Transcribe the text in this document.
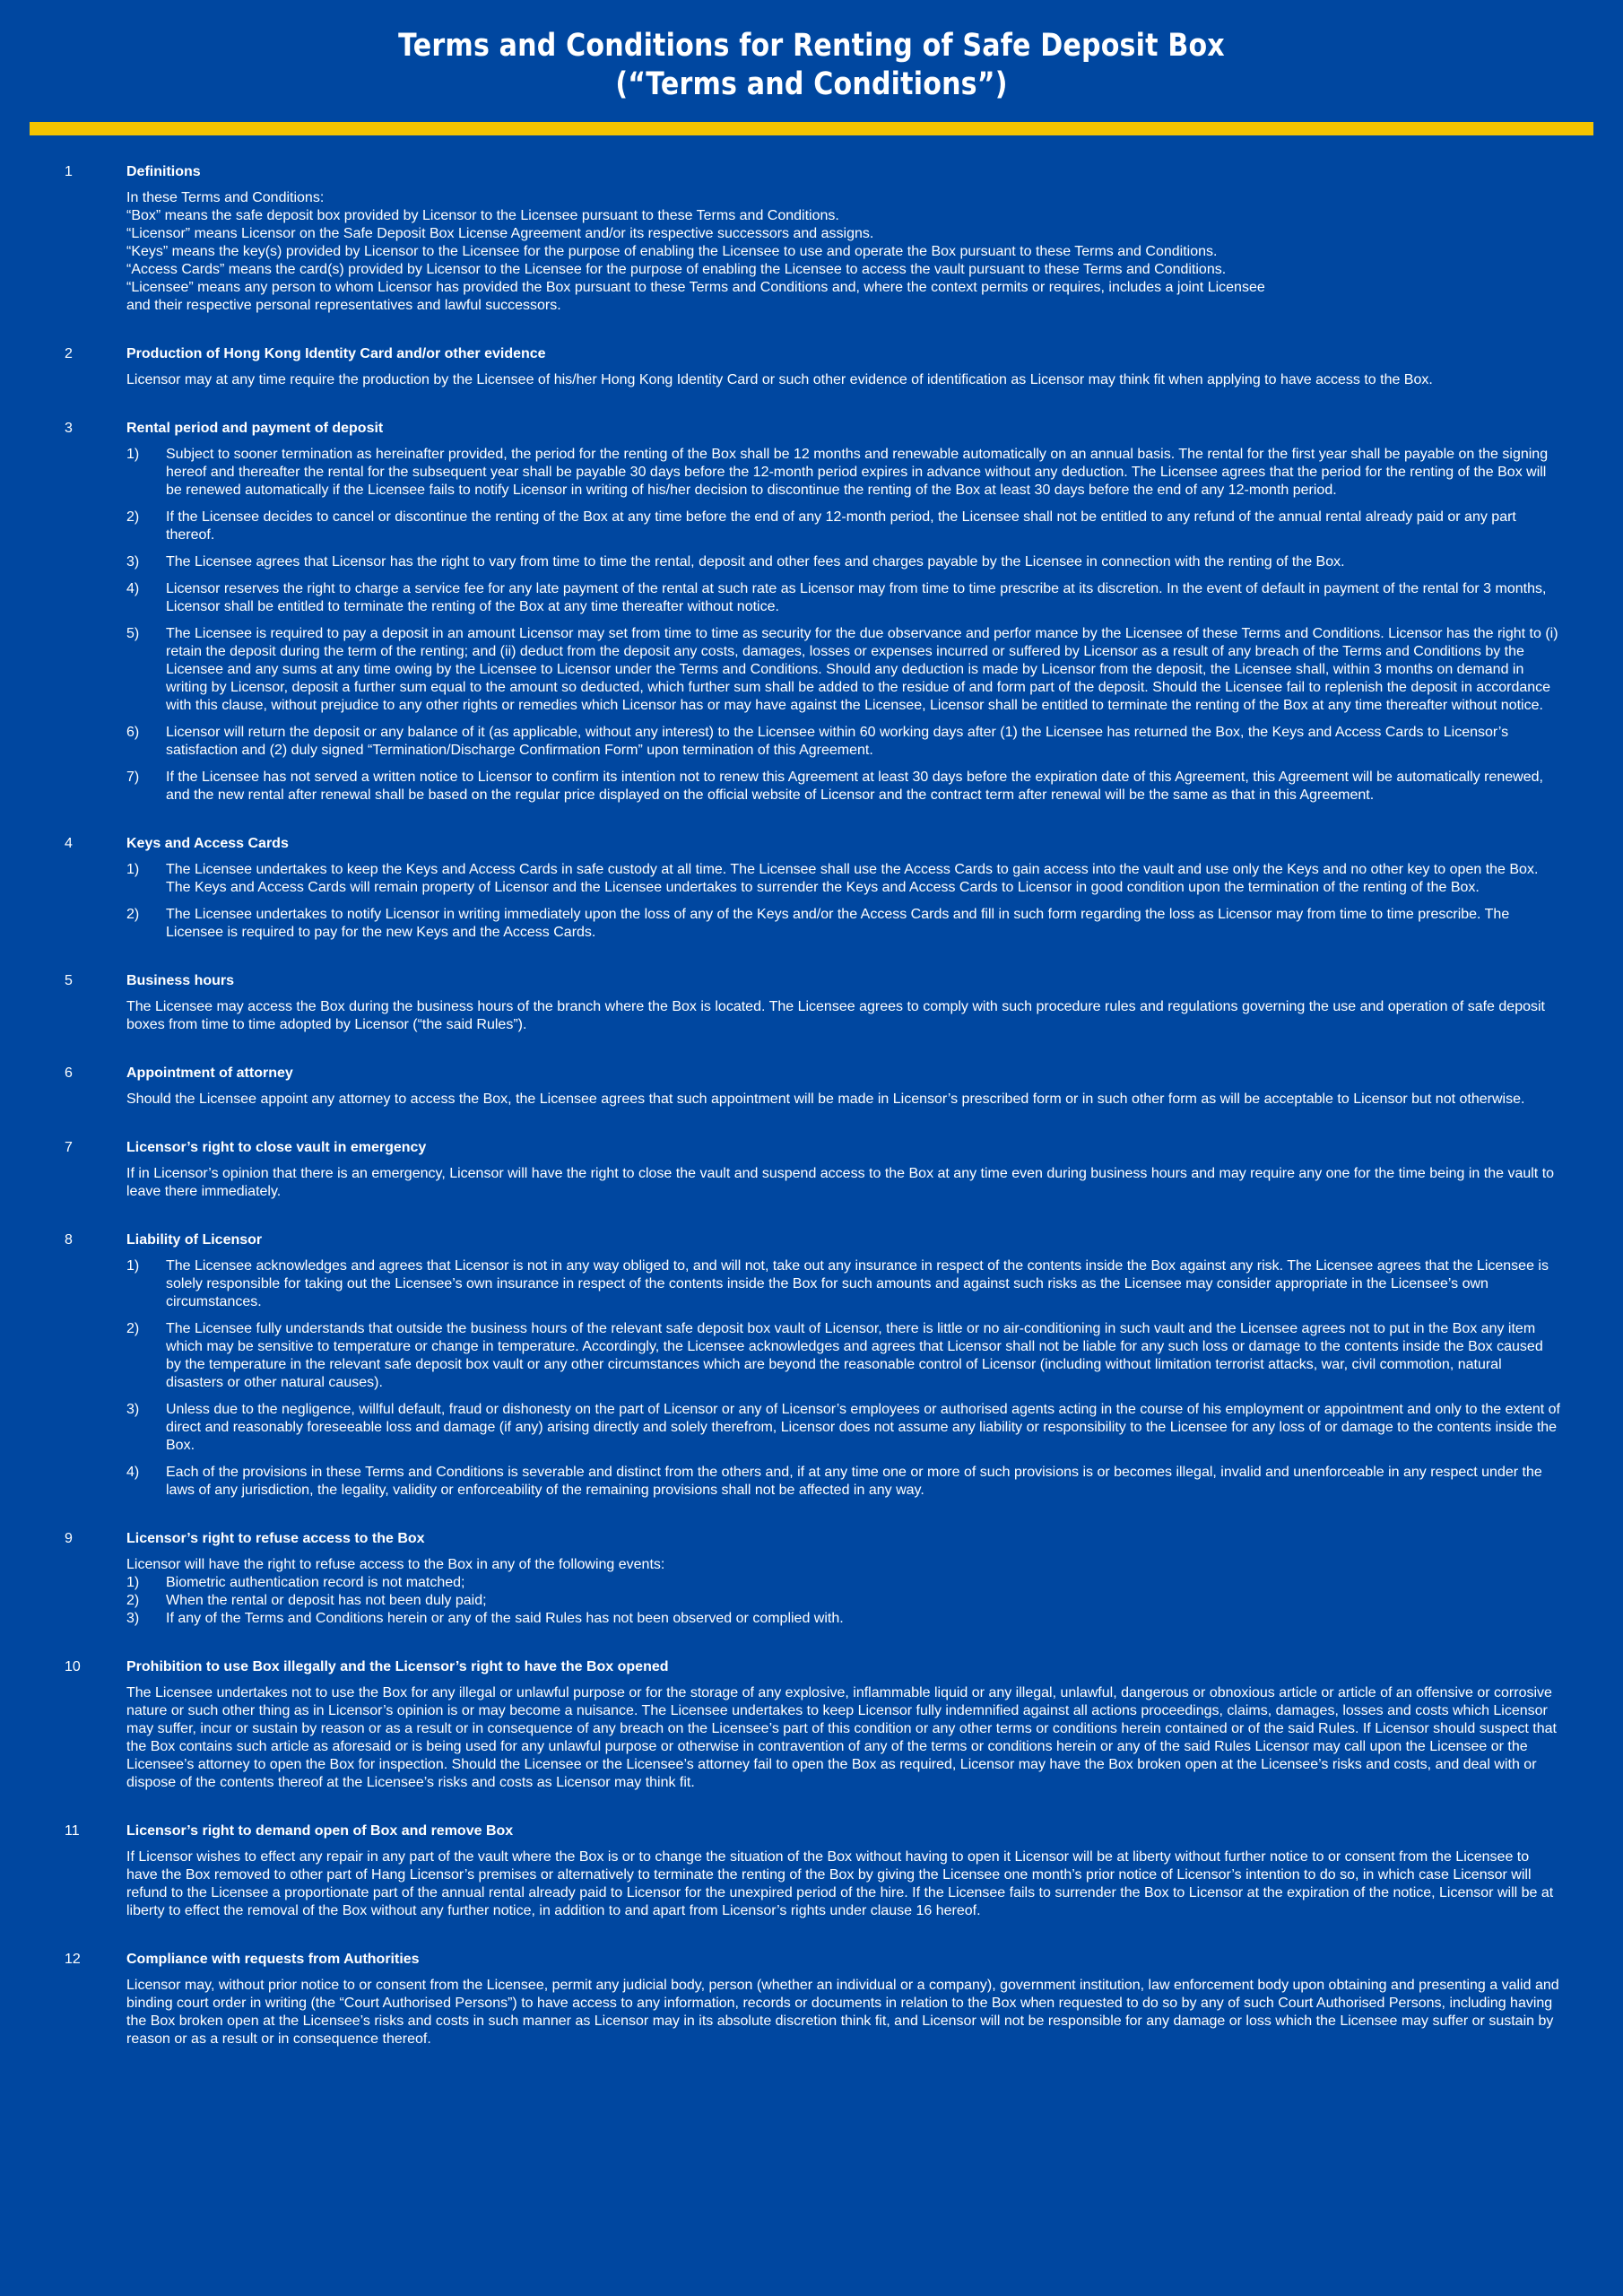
Terms and Conditions for Renting of Safe Deposit Box
(“Terms and Conditions”)
1	Definitions
In these Terms and Conditions:
“Box” means the safe deposit box provided by Licensor to the Licensee pursuant to these Terms and Conditions.
“Licensor” means Licensor on the Safe Deposit Box License Agreement and/or its respective successors and assigns.
“Keys” means the key(s) provided by Licensor to the Licensee for the purpose of enabling the Licensee to use and operate the Box pursuant to these Terms and Conditions.
“Access Cards” means the card(s) provided by Licensor to the Licensee for the purpose of enabling the Licensee to access the vault pursuant to these Terms and Conditions.
“Licensee” means any person to whom Licensor has provided the Box pursuant to these Terms and Conditions and, where the context permits or requires, includes a joint Licensee
and their respective personal representatives and lawful successors.
2	Production of Hong Kong Identity Card and/or other evidence
Licensor may at any time require the production by the Licensee of his/her Hong Kong Identity Card or such other evidence of identification as Licensor may think fit when applying to have access to the Box.
3	Rental period and payment of deposit
1) Subject to sooner termination as hereinafter provided, the period for the renting of the Box shall be 12 months and renewable automatically on an annual basis. The rental for the first year shall be payable on the signing hereof and thereafter the rental for the subsequent year shall be payable 30 days before the 12-month period expires in advance without any deduction. The Licensee agrees that the period for the renting of the Box will be renewed automatically if the Licensee fails to notify Licensor in writing of his/her decision to discontinue the renting of the Box at least 30 days before the end of any 12-month period.
2) If the Licensee decides to cancel or discontinue the renting of the Box at any time before the end of any 12-month period, the Licensee shall not be entitled to any refund of the annual rental already paid or any part thereof.
3) The Licensee agrees that Licensor has the right to vary from time to time the rental, deposit and other fees and charges payable by the Licensee in connection with the renting of the Box.
4) Licensor reserves the right to charge a service fee for any late payment of the rental at such rate as Licensor may from time to time prescribe at its discretion. In the event of default in payment of the rental for 3 months, Licensor shall be entitled to terminate the renting of the Box at any time thereafter without notice.
5) The Licensee is required to pay a deposit in an amount Licensor may set from time to time as security for the due observance and perfor mance by the Licensee of these Terms and Conditions. Licensor has the right to (i) retain the deposit during the term of the renting; and (ii) deduct from the deposit any costs, damages, losses or expenses incurred or suffered by Licensor as a result of any breach of the Terms and Conditions by the Licensee and any sums at any time owing by the Licensee to Licensor under the Terms and Conditions. Should any deduction is made by Licensor from the deposit, the Licensee shall, within 3 months on demand in writing by Licensor, deposit a further sum equal to the amount so deducted, which further sum shall be added to the residue of and form part of the deposit. Should the Licensee fail to replenish the deposit in accordance with this clause, without prejudice to any other rights or remedies which Licensor has or may have against the Licensee, Licensor shall be entitled to terminate the renting of the Box at any time thereafter without notice.
6) Licensor will return the deposit or any balance of it (as applicable, without any interest) to the Licensee within 60 working days after (1) the Licensee has returned the Box, the Keys and Access Cards to Licensor’s satisfaction and (2) duly signed “Termination/Discharge Confirmation Form” upon termination of this Agreement.
7) If the Licensee has not served a written notice to Licensor to confirm its intention not to renew this Agreement at least 30 days before the expiration date of this Agreement, this Agreement will be automatically renewed, and the new rental after renewal shall be based on the regular price displayed on the official website of Licensor and the contract term after renewal will be the same as that in this Agreement.
4	Keys and Access Cards
1) The Licensee undertakes to keep the Keys and Access Cards in safe custody at all time. The Licensee shall use the Access Cards to gain access into the vault and use only the Keys and no other key to open the Box. The Keys and Access Cards will remain property of Licensor and the Licensee undertakes to surrender the Keys and Access Cards to Licensor in good condition upon the termination of the renting of the Box.
2) The Licensee undertakes to notify Licensor in writing immediately upon the loss of any of the Keys and/or the Access Cards and fill in such form regarding the loss as Licensor may from time to time prescribe. The Licensee is required to pay for the new Keys and the Access Cards.
5	Business hours
The Licensee may access the Box during the business hours of the branch where the Box is located. The Licensee agrees to comply with such procedure rules and regulations governing the use and operation of safe deposit boxes from time to time adopted by Licensor (“the said Rules”).
6	Appointment of attorney
Should the Licensee appoint any attorney to access the Box, the Licensee agrees that such appointment will be made in Licensor’s prescribed form or in such other form as will be acceptable to Licensor but not otherwise.
7	Licensor’s right to close vault in emergency
If in Licensor’s opinion that there is an emergency, Licensor will have the right to close the vault and suspend access to the Box at any time even during business hours and may require any one for the time being in the vault to leave there immediately.
8	Liability of Licensor
1) The Licensee acknowledges and agrees that Licensor is not in any way obliged to, and will not, take out any insurance in respect of the contents inside the Box against any risk. The Licensee agrees that the Licensee is solely responsible for taking out the Licensee’s own insurance in respect of the contents inside the Box for such amounts and against such risks as the Licensee may consider appropriate in the Licensee’s own circumstances.
2) The Licensee fully understands that outside the business hours of the relevant safe deposit box vault of Licensor, there is little or no air-conditioning in such vault and the Licensee agrees not to put in the Box any item which may be sensitive to temperature or change in temperature. Accordingly, the Licensee acknowledges and agrees that Licensor shall not be liable for any such loss or damage to the contents inside the Box caused by the temperature in the relevant safe deposit box vault or any other circumstances which are beyond the reasonable control of Licensor (including without limitation terrorist attacks, war, civil commotion, natural disasters or other natural causes).
3) Unless due to the negligence, willful default, fraud or dishonesty on the part of Licensor or any of Licensor’s employees or authorised agents acting in the course of his employment or appointment and only to the extent of direct and reasonably foreseeable loss and damage (if any) arising directly and solely therefrom, Licensor does not assume any liability or responsibility to the Licensee for any loss of or damage to the contents inside the Box.
4) Each of the provisions in these Terms and Conditions is severable and distinct from the others and, if at any time one or more of such provisions is or becomes illegal, invalid and unenforceable in any respect under the laws of any jurisdiction, the legality, validity or enforceability of the remaining provisions shall not be affected in any way.
9	Licensor’s right to refuse access to the Box
Licensor will have the right to refuse access to the Box in any of the following events:
1) Biometric authentication record is not matched;
2) When the rental or deposit has not been duly paid;
3) If any of the Terms and Conditions herein or any of the said Rules has not been observed or complied with.
10	Prohibition to use Box illegally and the Licensor’s right to have the Box opened
The Licensee undertakes not to use the Box for any illegal or unlawful purpose or for the storage of any explosive, inflammable liquid or any illegal, unlawful, dangerous or obnoxious article or article of an offensive or corrosive nature or such other thing as in Licensor’s opinion is or may become a nuisance. The Licensee undertakes to keep Licensor fully indemnified against all actions proceedings, claims, damages, losses and costs which Licensor may suffer, incur or sustain by reason or as a result or in consequence of any breach on the Licensee’s part of this condition or any other terms or conditions herein contained or of the said Rules. If Licensor should suspect that the Box contains such article as aforesaid or is being used for any unlawful purpose or otherwise in contravention of any of the terms or conditions herein or any of the said Rules Licensor may call upon the Licensee or the Licensee’s attorney to open the Box for inspection. Should the Licensee or the Licensee’s attorney fail to open the Box as required, Licensor may have the Box broken open at the Licensee’s risks and costs, and deal with or dispose of the contents thereof at the Licensee’s risks and costs as Licensor may think fit.
11	Licensor’s right to demand open of Box and remove Box
If Licensor wishes to effect any repair in any part of the vault where the Box is or to change the situation of the Box without having to open it Licensor will be at liberty without further notice to or consent from the Licensee to have the Box removed to other part of Hang Licensor’s premises or alternatively to terminate the renting of the Box by giving the Licensee one month’s prior notice of Licensor’s intention to do so, in which case Licensor will refund to the Licensee a proportionate part of the annual rental already paid to Licensor for the unexpired period of the hire. If the Licensee fails to surrender the Box to Licensor at the expiration of the notice, Licensor will be at liberty to effect the removal of the Box without any further notice, in addition to and apart from Licensor’s rights under clause 16 hereof.
12	Compliance with requests from Authorities
Licensor may, without prior notice to or consent from the Licensee, permit any judicial body, person (whether an individual or a company), government institution, law enforcement body upon obtaining and presenting a valid and binding court order in writing (the “Court Authorised Persons”) to have access to any information, records or documents in relation to the Box when requested to do so by any of such Court Authorised Persons, including having the Box broken open at the Licensee’s risks and costs in such manner as Licensor may in its absolute discretion think fit, and Licensor will not be responsible for any damage or loss which the Licensee may suffer or sustain by reason or as a result or in consequence thereof.
